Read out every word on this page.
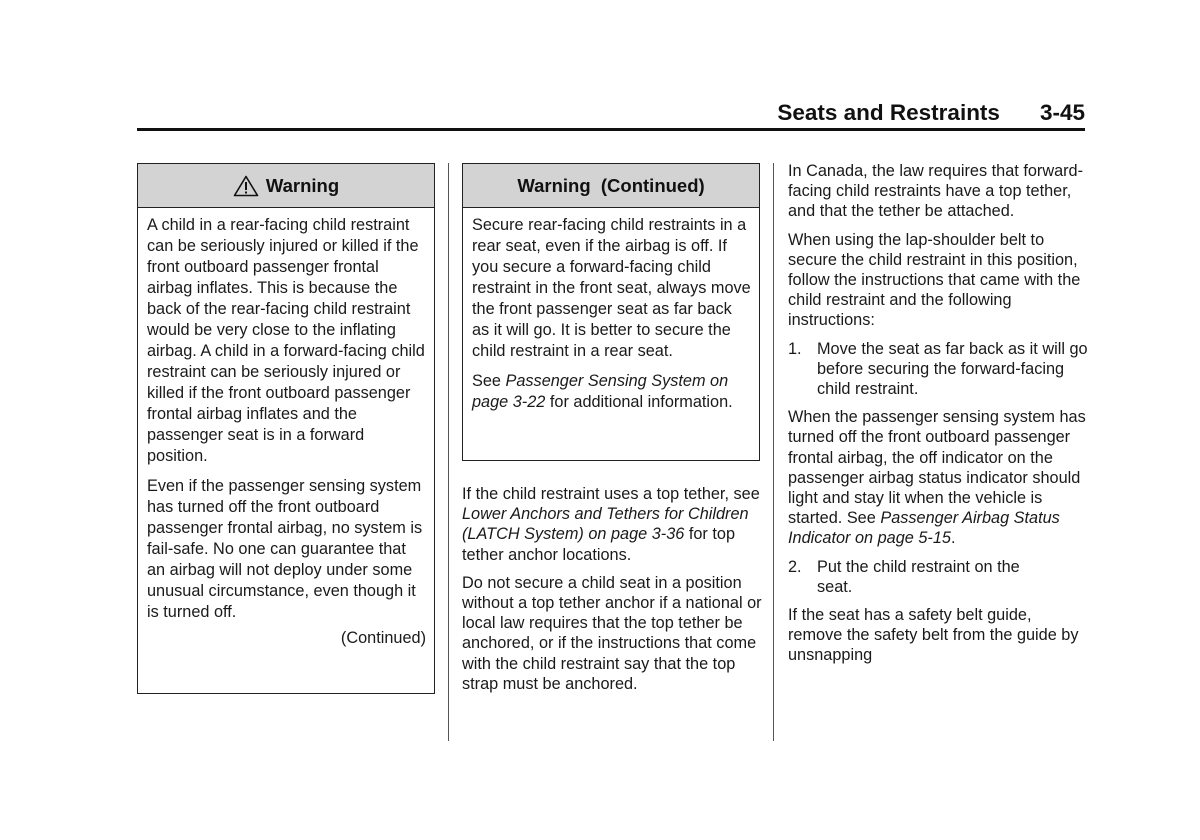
Seats and Restraints 3-45
Warning

A child in a rear-facing child restraint can be seriously injured or killed if the front outboard passenger frontal airbag inflates. This is because the back of the rear-facing child restraint would be very close to the inflating airbag. A child in a forward-facing child restraint can be seriously injured or killed if the front outboard passenger frontal airbag inflates and the passenger seat is in a forward position.

Even if the passenger sensing system has turned off the front outboard passenger frontal airbag, no system is fail-safe. No one can guarantee that an airbag will not deploy under some unusual circumstance, even though it is turned off.

(Continued)
Warning  (Continued)

Secure rear-facing child restraints in a rear seat, even if the airbag is off. If you secure a forward-facing child restraint in the front seat, always move the front passenger seat as far back as it will go. It is better to secure the child restraint in a rear seat.

See Passenger Sensing System on page 3-22 for additional information.

If the child restraint uses a top tether, see Lower Anchors and Tethers for Children (LATCH System) on page 3-36 for top tether anchor locations.

Do not secure a child seat in a position without a top tether anchor if a national or local law requires that the top tether be anchored, or if the instructions that come with the child restraint say that the top strap must be anchored.

In Canada, the law requires that forward-facing child restraints have a top tether, and that the tether be attached.

When using the lap-shoulder belt to secure the child restraint in this position, follow the instructions that came with the child restraint and the following instructions:

1. Move the seat as far back as it will go before securing the forward-facing child restraint.

When the passenger sensing system has turned off the front outboard passenger frontal airbag, the off indicator on the passenger airbag status indicator should light and stay lit when the vehicle is started. See Passenger Airbag Status Indicator on page 5-15.

2. Put the child restraint on the seat.

If the seat has a safety belt guide, remove the safety belt from the guide by unsnapping
